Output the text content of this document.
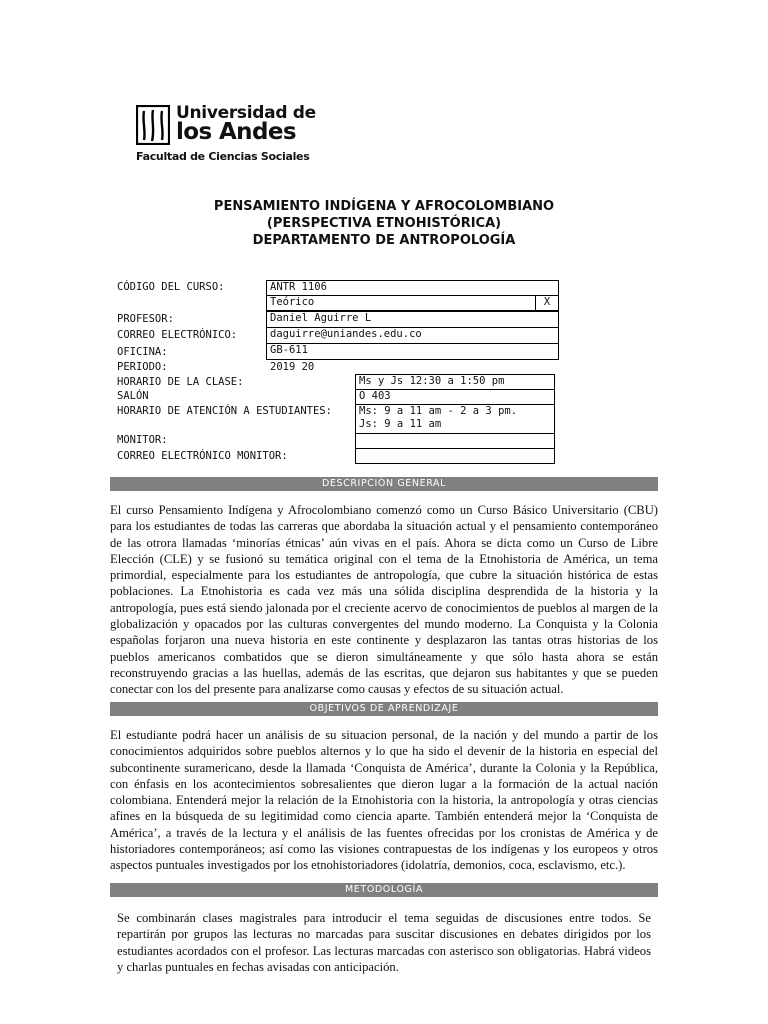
Universidad de
los Andes
Facultad de Ciencias Sociales
PENSAMIENTO INDÍGENA Y AFROCOLOMBIANO
(PERSPECTIVA ETNOHISTÓRICA)
DEPARTAMENTO DE ANTROPOLOGÍA
CÓDIGO DEL CURSO:	ANTR 1106
Teórico	X
PROFESOR:	Daniel Aguirre L
CORREO ELECTRÓNICO:	daguirre@uniandes.edu.co
OFICINA:	GB-611
PERIODO:	2019 20
HORARIO DE LA CLASE:	Ms y Js 12:30 a 1:50 pm
SALÓN	O 403
HORARIO DE ATENCIÓN A ESTUDIANTES:	Ms: 9 a 11 am - 2 a 3 pm.
Js: 9 a 11 am
MONITOR:
CORREO ELECTRÓNICO MONITOR:
DESCRIPCIÓN GENERAL
El curso Pensamiento Indígena y Afrocolombiano comenzó como un Curso Básico Universitario (CBU) para los estudiantes de todas las carreras que abordaba la situación actual y el pensamiento contemporáneo de las otrora llamadas ‘minorías étnicas’ aún vivas en el país. Ahora se dicta como un Curso de Libre Elección (CLE) y se fusionó su temática original con el tema de la Etnohistoria de América, un tema primordial, especialmente para los estudiantes de antropología, que cubre la situación histórica de estas poblaciones. La Etnohistoria es cada vez más una sólida disciplina desprendida de la historia y la antropología, pues está siendo jalonada por el creciente acervo de conocimientos de pueblos al margen de la globalización y opacados por las culturas convergentes del mundo moderno. La Conquista y la Colonia españolas forjaron una nueva historia en este continente y desplazaron las tantas otras historias de los pueblos americanos combatidos que se dieron simultáneamente y que sólo hasta ahora se están reconstruyendo gracias a las huellas, además de las escritas, que dejaron sus habitantes y que se pueden conectar con los del presente para analizarse como causas y efectos de su situación actual.
OBJETIVOS DE APRENDIZAJE
El estudiante podrá hacer un análisis de su situacion personal, de la nación y del mundo a partir de los conocimientos adquiridos sobre pueblos alternos y lo que ha sido el devenir de la historia en especial del subcontinente suramericano, desde la llamada ‘Conquista de América’, durante la Colonia y la República, con énfasis en los acontecimientos sobresalientes que dieron lugar a la formación de la actual nación colombiana. Entenderá mejor la relación de la Etnohistoria con la historia, la antropología y otras ciencias afines en la búsqueda de su legitimidad como ciencia aparte. También entenderá mejor la ‘Conquista de América’, a través de la lectura y el análisis de las fuentes ofrecidas por los cronistas de América y de historiadores contemporáneos; así como las visiones contrapuestas de los indígenas y los europeos y otros aspectos puntuales investigados por los etnohistoriadores (idolatría, demonios, coca, esclavismo, etc.).
METODOLOGÍA
Se combinarán clases magistrales para introducir el tema seguidas de discusiones entre todos. Se repartirán por grupos las lecturas no marcadas para suscitar discusiones en debates dirigidos por los estudiantes acordados con el profesor. Las lecturas marcadas con asterisco son obligatorias. Habrá videos y charlas puntuales en fechas avisadas con anticipación.
